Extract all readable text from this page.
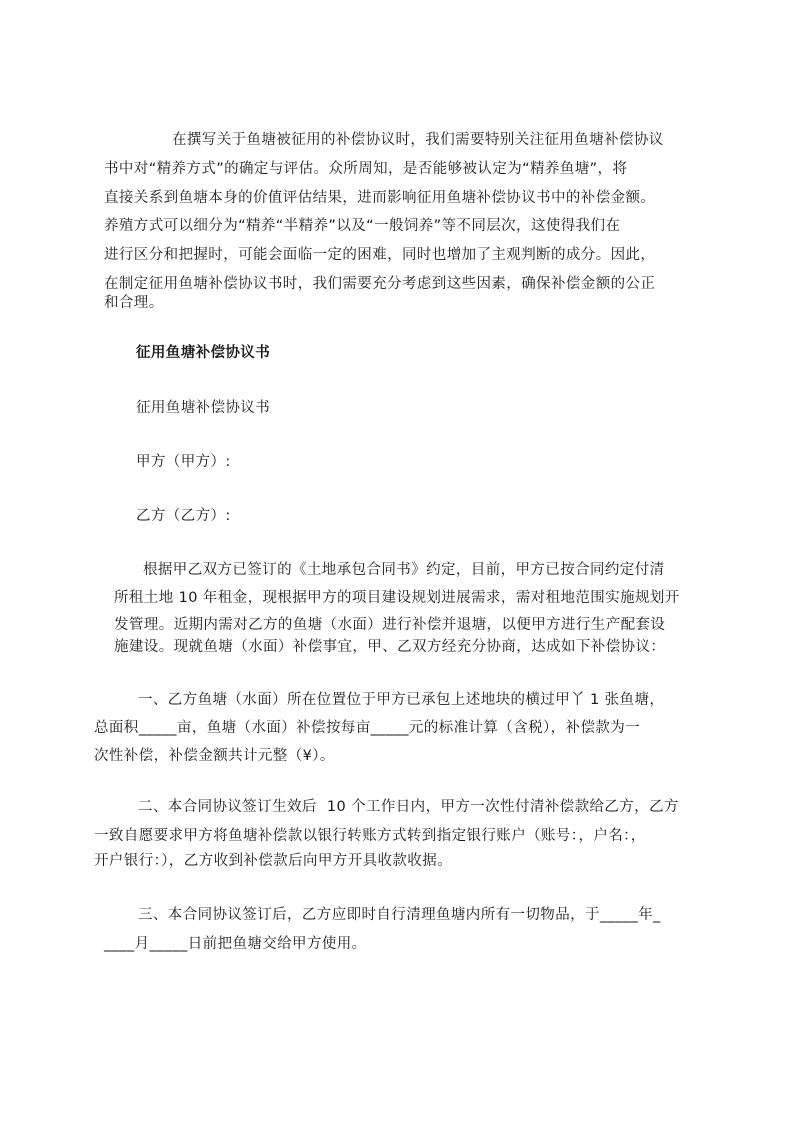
在撰写关于鱼塘被征用的补偿协议时，我们需要特别关注征用鱼塘补偿协议
书中对“精养方式”的确定与评估。众所周知，是否能够被认定为“精养鱼塘”，将
直接关系到鱼塘本身的价值评估结果，进而影响征用鱼塘补偿协议书中的补偿金额。
养殖方式可以细分为“精养“半精养”以及“一般饲养”等不同层次，这使得我们在
进行区分和把握时，可能会面临一定的困难，同时也增加了主观判断的成分。因此，
在制定征用鱼塘补偿协议书时，我们需要充分考虑到这些因素，确保补偿金额的公正
和合理。
征用鱼塘补偿协议书
征用鱼塘补偿协议书
甲方（甲方）:
乙方（乙方）:
根据甲乙双方已签订的《土地承包合同书》约定，目前，甲方已按合同约定付清
所租土地 10 年租金，现根据甲方的项目建设规划进展需求，需对租地范围实施规划开
发管理。近期内需对乙方的鱼塘（水面）进行补偿并退塘，以便甲方进行生产配套设
施建设。现就鱼塘（水面）补偿事宜，甲、乙双方经充分协商，达成如下补偿协议：
一、乙方鱼塘（水面）所在位置位于甲方已承包上述地块的横过甲丫 1 张鱼塘，
总面积_____亩，鱼塘（水面）补偿按每亩_____元的标准计算（含税），补偿款为一
次性补偿，补偿金额共计元整（¥）。
二、本合同协议签订生效后  10 个工作日内，甲方一次性付清补偿款给乙方，乙方
一致自愿要求甲方将鱼塘补偿款以银行转账方式转到指定银行账户（账号：，户名：，
开户银行：），乙方收到补偿款后向甲方开具收款收据。
三、本合同协议签订后，乙方应即时自行清理鱼塘内所有一切物品，于_____年_
____月_____日前把鱼塘交给甲方使用。
